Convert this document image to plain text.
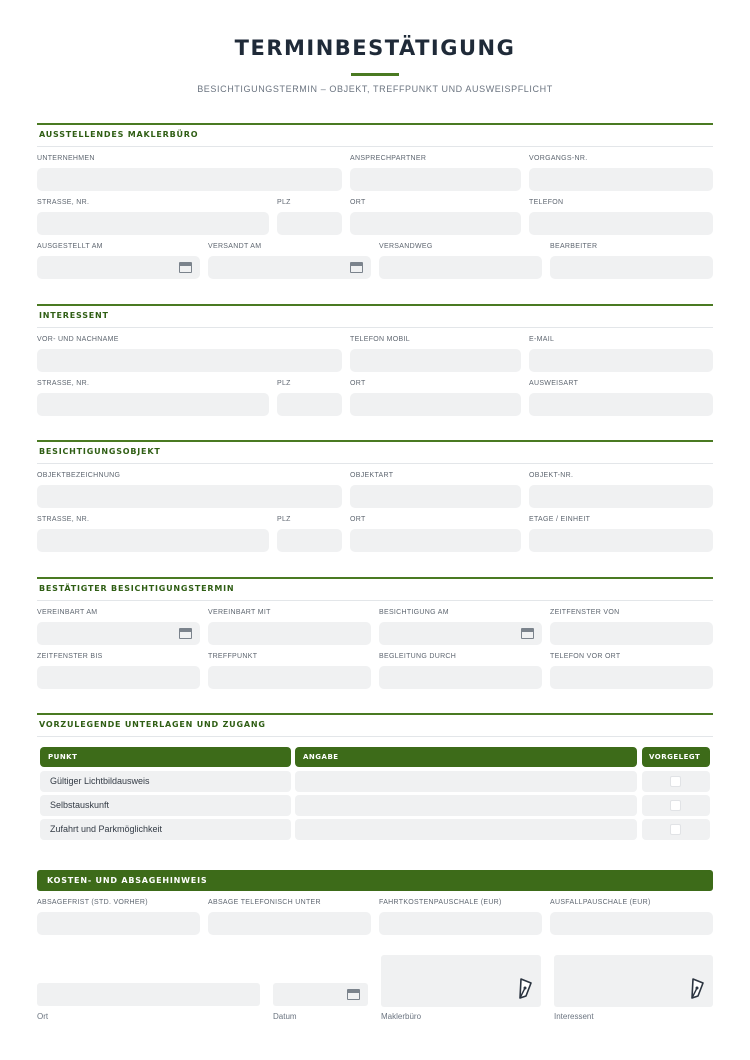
TERMINBESTÄTIGUNG
BESICHTIGUNGSTERMIN – OBJEKT, TREFFPUNKT UND AUSWEISPFLICHT
AUSSTELLENDES MAKLERBÜRO
UNTERNEHMEN	ANSPRECHPARTNER	VORGANGS-NR.
STRASSE, NR.	PLZ	ORT	TELEFON
AUSGESTELLT AM	VERSANDT AM	VERSANDWEG	BEARBEITER
INTERESSENT
VOR- UND NACHNAME	TELEFON MOBIL	E-MAIL
STRASSE, NR.	PLZ	ORT	AUSWEISART
BESICHTIGUNGSOBJEKT
OBJEKTBEZEICHNUNG	OBJEKTART	OBJEKT-NR.
STRASSE, NR.	PLZ	ORT	ETAGE / EINHEIT
BESTÄTIGTER BESICHTIGUNGSTERMIN
VEREINBART AM	VEREINBART MIT	BESICHTIGUNG AM	ZEITFENSTER VON
ZEITFENSTER BIS	TREFFPUNKT	BEGLEITUNG DURCH	TELEFON VOR ORT
VORZULEGENDE UNTERLAGEN UND ZUGANG
PUNKT	ANGABE	VORGELEGT
Gültiger Lichtbildausweis
Selbstauskunft
Zufahrt und Parkmöglichkeit
KOSTEN- UND ABSAGEHINWEIS
ABSAGEFRIST (STD. VORHER)	ABSAGE TELEFONISCH UNTER	FAHRTKOSTENPAUSCHALE (EUR)	AUSFALLPAUSCHALE (EUR)
Ort	Datum	Maklerbüro	Interessent
